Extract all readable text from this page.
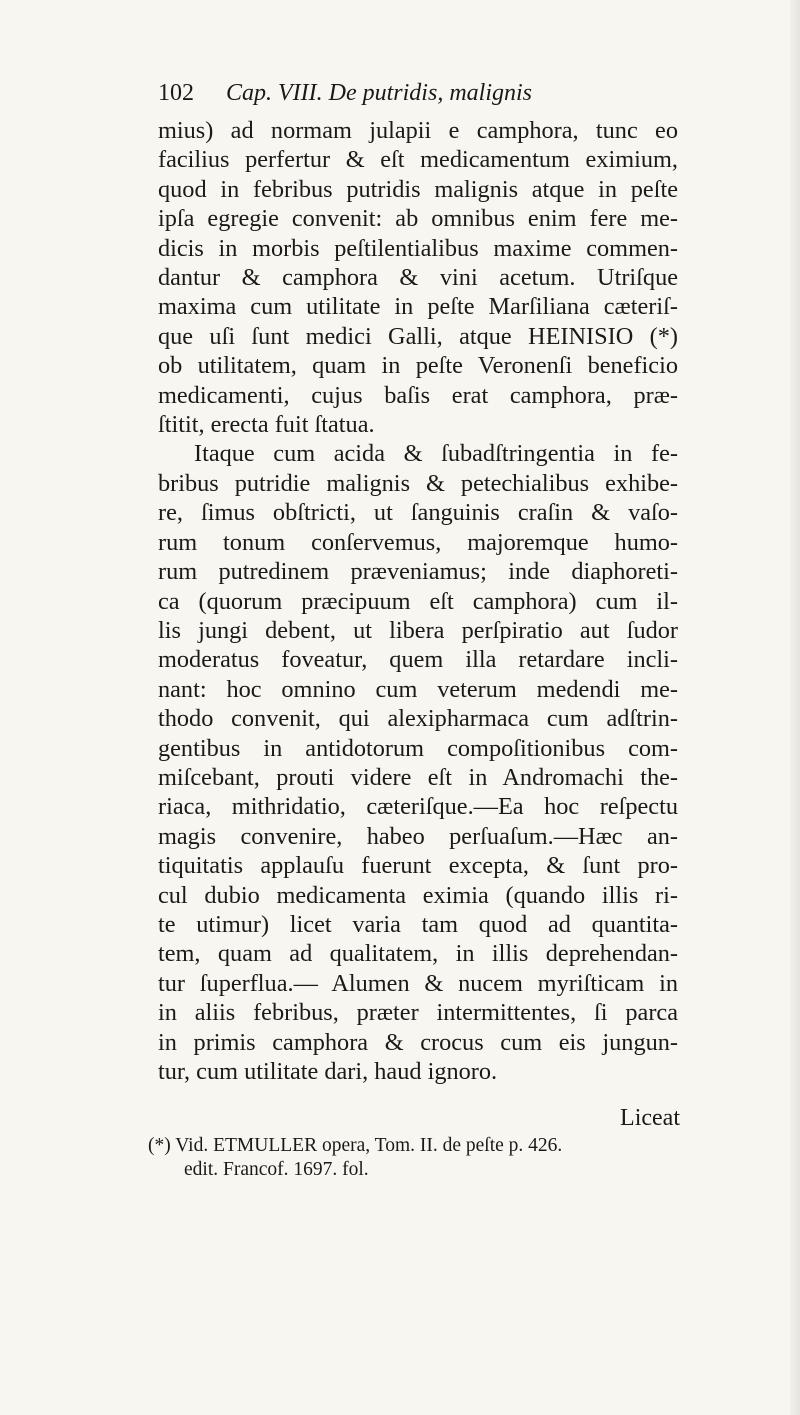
102 Cap. VIII. De putridis, malignis
mius) ad normam julapii e camphora, tunc eo
facilius perfertur & eſt medicamentum eximium,
quod in febribus putridis malignis atque in peſte
ipſa egregie convenit: ab omnibus enim fere me-
dicis in morbis peſtilentialibus maxime commen-
dantur & camphora & vini acetum. Utriſque
maxima cum utilitate in peſte Marſiliana cæteriſ-
que uſi ſunt medici Galli, atque HEINISIO (*)
ob utilitatem, quam in peſte Veronenſi beneficio
medicamenti, cujus baſis erat camphora, præ-
ſtitit, erecta fuit ſtatua.
Itaque cum acida & ſubadſtringentia in fe-
bribus putridie malignis & petechialibus exhibe-
re, ſimus obſtricti, ut ſanguinis craſin & vaſo-
rum tonum conſervemus, majoremque humo-
rum putredinem præveniamus; inde diaphoreti-
ca (quorum præcipuum eſt camphora) cum il-
lis jungi debent, ut libera perſpiratio aut ſudor
moderatus foveatur, quem illa retardare incli-
nant: hoc omnino cum veterum medendi me-
thodo convenit, qui alexipharmaca cum adſtrin-
gentibus in antidotorum compoſitionibus com-
miſcebant, prouti videre eſt in Andromachi the-
riaca, mithridatio, cæteriſque.—Ea hoc reſpectu
magis convenire, habeo perſuaſum.—Hæc an-
tiquitatis applauſu fuerunt excepta, & ſunt pro-
cul dubio medicamenta eximia (quando illis ri-
te utimur) licet varia tam quod ad quantita-
tem, quam ad qualitatem, in illis deprehendan-
tur ſuperflua.— Alumen & nucem myriſticam in
in aliis febribus, præter intermittentes, ſi parca
in primis camphora & crocus cum eis jungun-
tur, cum utilitate dari, haud ignoro.
Liceat
(*) Vid. ETMULLER opera, Tom. II. de peſte p. 426.
edit. Francof. 1697. fol.
